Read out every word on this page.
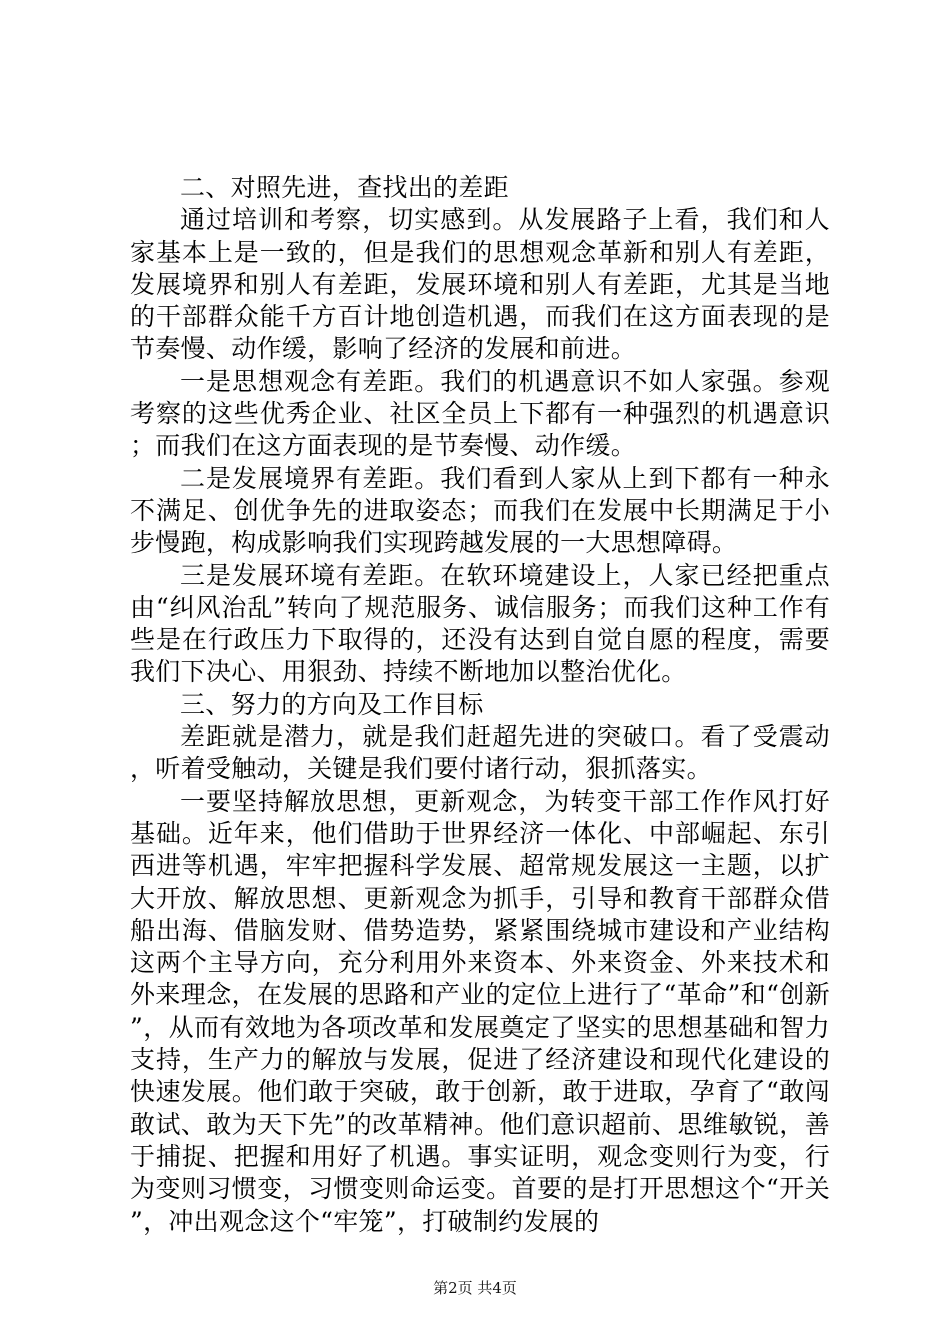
二、对照先进，查找出的差距

通过培训和考察，切实感到。从发展路子上看，我们和人家基本上是一致的，但是我们的思想观念革新和别人有差距，发展境界和别人有差距，发展环境和别人有差距，尤其是当地的干部群众能千方百计地创造机遇，而我们在这方面表现的是节奏慢、动作缓，影响了经济的发展和前进。

一是思想观念有差距。我们的机遇意识不如人家强。参观考察的这些优秀企业、社区全员上下都有一种强烈的机遇意识；而我们在这方面表现的是节奏慢、动作缓。

二是发展境界有差距。我们看到人家从上到下都有一种永不满足、创优争先的进取姿态；而我们在发展中长期满足于小步慢跑，构成影响我们实现跨越发展的一大思想障碍。

三是发展环境有差距。在软环境建设上，人家已经把重点由“纠风治乱”转向了规范服务、诚信服务；而我们这种工作有些是在行政压力下取得的，还没有达到自觉自愿的程度，需要我们下决心、用狠劲、持续不断地加以整治优化。

三、努力的方向及工作目标

差距就是潜力，就是我们赶超先进的突破口。看了受震动，听着受触动，关键是我们要付诸行动，狠抓落实。

一要坚持解放思想，更新观念，为转变干部工作作风打好基础。近年来，他们借助于世界经济一体化、中部崛起、东引西进等机遇，牢牢把握科学发展、超常规发展这一主题，以扩大开放、解放思想、更新观念为抓手，引导和教育干部群众借船出海、借脑发财、借势造势，紧紧围绕城市建设和产业结构这两个主导方向，充分利用外来资本、外来资金、外来技术和外来理念，在发展的思路和产业的定位上进行了“革命”和“创新”，从而有效地为各项改革和发展奠定了坚实的思想基础和智力支持，生产力的解放与发展，促进了经济建设和现代化建设的快速发展。他们敢于突破，敢于创新，敢于进取，孕育了“敢闯敢试、敢为天下先”的改革精神。他们意识超前、思维敏锐，善于捕捉、把握和用好了机遇。事实证明，观念变则行为变，行为变则习惯变，习惯变则命运变。首要的是打开思想这个“开关”，冲出观念这个“牢笼”，打破制约发展的

第2页 共4页
